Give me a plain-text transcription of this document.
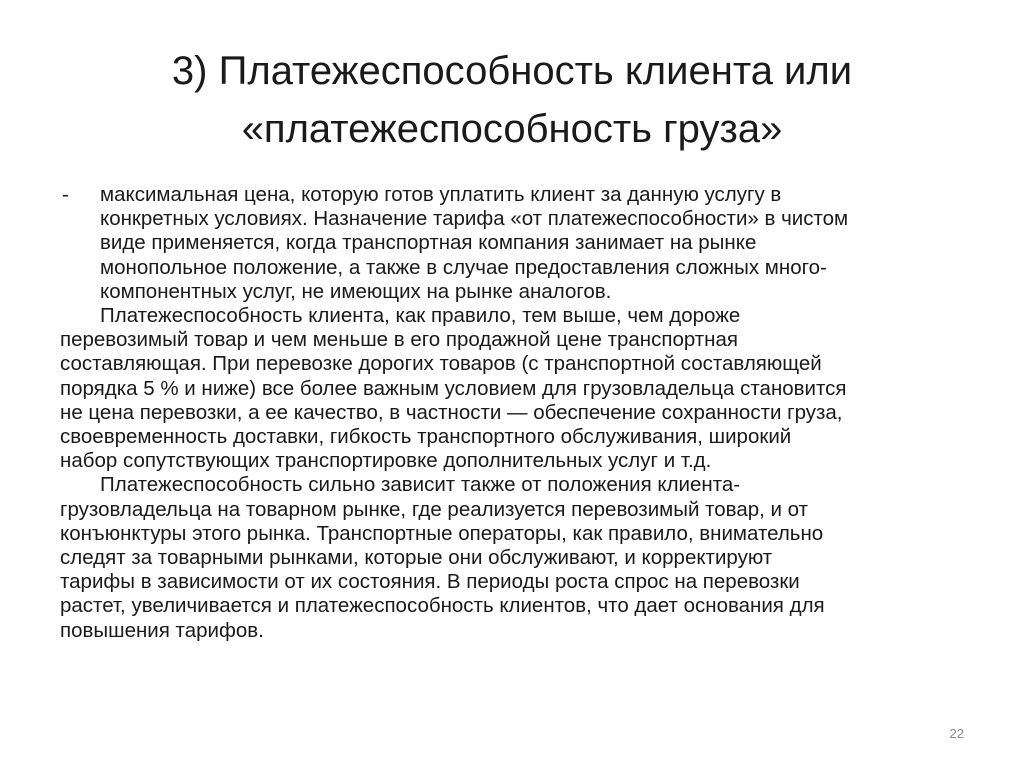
3) Платежеспособность клиента или
«платежеспособность груза»
- максимальная цена, которую готов уплатить клиент за данную услугу в
конкретных условиях. Назначение тарифа «от платежеспособности» в чистом
виде применяется, когда транспортная компания занимает на рынке
монопольное положение, а также в случае предоставления сложных много-
компонентных услуг, не имеющих на рынке аналогов.
Платежеспособность клиента, как правило, тем выше, чем дороже
перевозимый товар и чем меньше в его продажной цене транспортная
составляющая. При перевозке дорогих товаров (с транспортной составляющей
порядка 5 % и ниже) все более важным условием для грузовладельца становится
не цена перевозки, а ее качество, в частности — обеспечение сохранности груза,
своевременность доставки, гибкость транспортного обслуживания, широкий
набор сопутствующих транспортировке дополнительных услуг и т.д.
Платежеспособность сильно зависит также от положения клиента-
грузовладельца на товарном рынке, где реализуется перевозимый товар, и от
конъюнктуры этого рынка. Транспортные операторы, как правило, внимательно
следят за товарными рынками, которые они обслуживают, и корректируют
тарифы в зависимости от их состояния. В периоды роста спрос на перевозки
растет, увеличивается и платежеспособность клиентов, что дает основания для
повышения тарифов.
22
